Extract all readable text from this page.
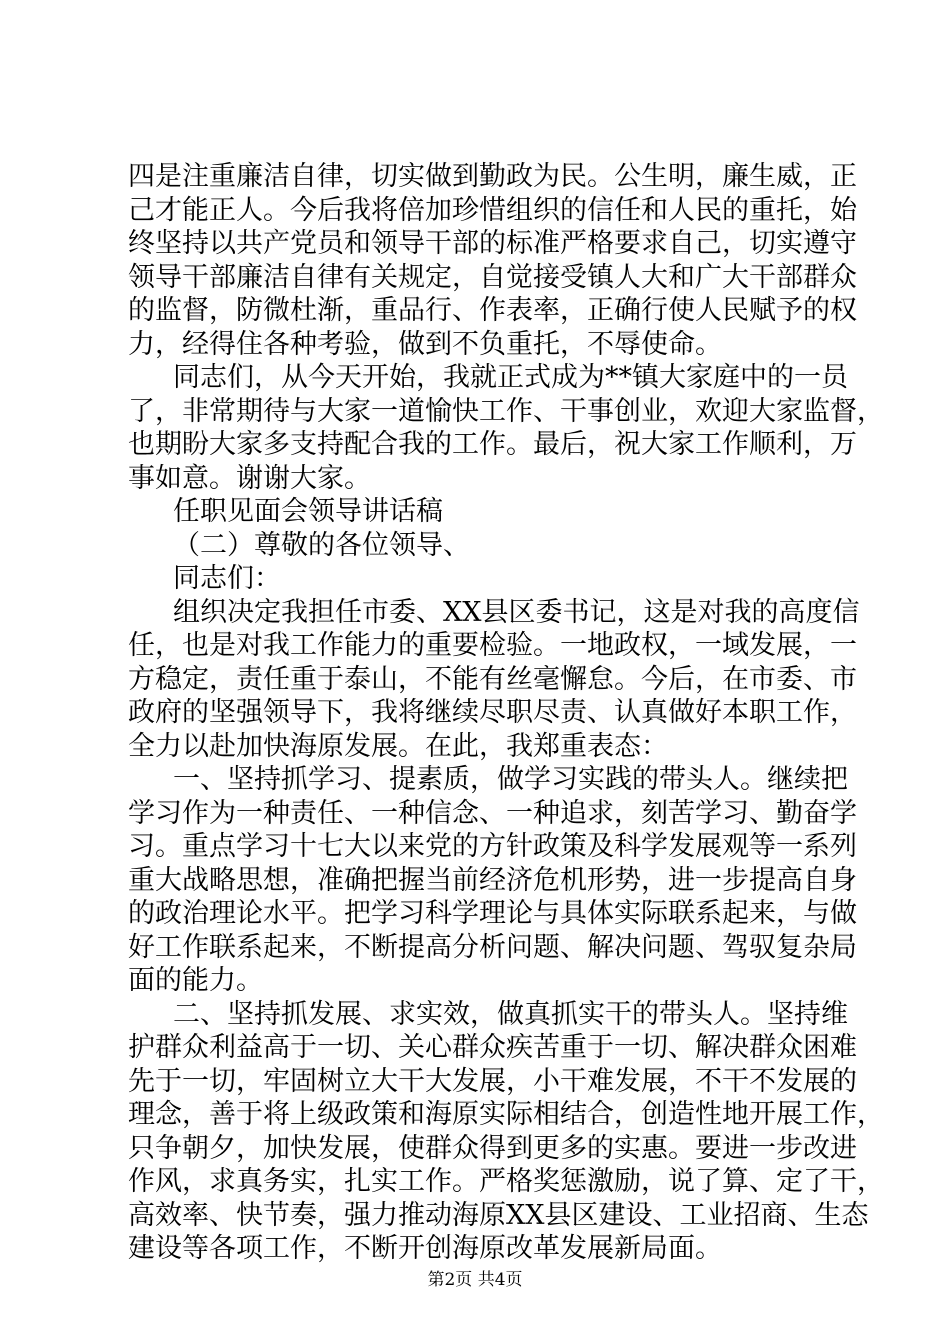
四是注重廉洁自律，切实做到勤政为民。公生明，廉生威，正
己才能正人。今后我将倍加珍惜组织的信任和人民的重托，始
终坚持以共产党员和领导干部的标准严格要求自己，切实遵守
领导干部廉洁自律有关规定，自觉接受镇人大和广大干部群众
的监督，防微杜渐，重品行、作表率，正确行使人民赋予的权
力，经得住各种考验，做到不负重托，不辱使命。
同志们，从今天开始，我就正式成为**镇大家庭中的一员
了，非常期待与大家一道愉快工作、干事创业，欢迎大家监督，
也期盼大家多支持配合我的工作。最后，祝大家工作顺利，万
事如意。谢谢大家。
任职见面会领导讲话稿
（二）尊敬的各位领导、
同志们：
组织决定我担任市委、XX县区委书记，这是对我的高度信
任，也是对我工作能力的重要检验。一地政权，一域发展，一
方稳定，责任重于泰山，不能有丝毫懈怠。今后，在市委、市
政府的坚强领导下，我将继续尽职尽责、认真做好本职工作，
全力以赴加快海原发展。在此，我郑重表态：
一、坚持抓学习、提素质，做学习实践的带头人。继续把
学习作为一种责任、一种信念、一种追求，刻苦学习、勤奋学
习。重点学习十七大以来党的方针政策及科学发展观等一系列
重大战略思想，准确把握当前经济危机形势，进一步提高自身
的政治理论水平。把学习科学理论与具体实际联系起来，与做
好工作联系起来，不断提高分析问题、解决问题、驾驭复杂局
面的能力。
二、坚持抓发展、求实效，做真抓实干的带头人。坚持维
护群众利益高于一切、关心群众疾苦重于一切、解决群众困难
先于一切，牢固树立大干大发展，小干难发展，不干不发展的
理念，善于将上级政策和海原实际相结合，创造性地开展工作，
只争朝夕，加快发展，使群众得到更多的实惠。要进一步改进
作风，求真务实，扎实工作。严格奖惩激励，说了算、定了干，
高效率、快节奏，强力推动海原XX县区建设、工业招商、生态
建设等各项工作，不断开创海原改革发展新局面。
第2页 共4页
